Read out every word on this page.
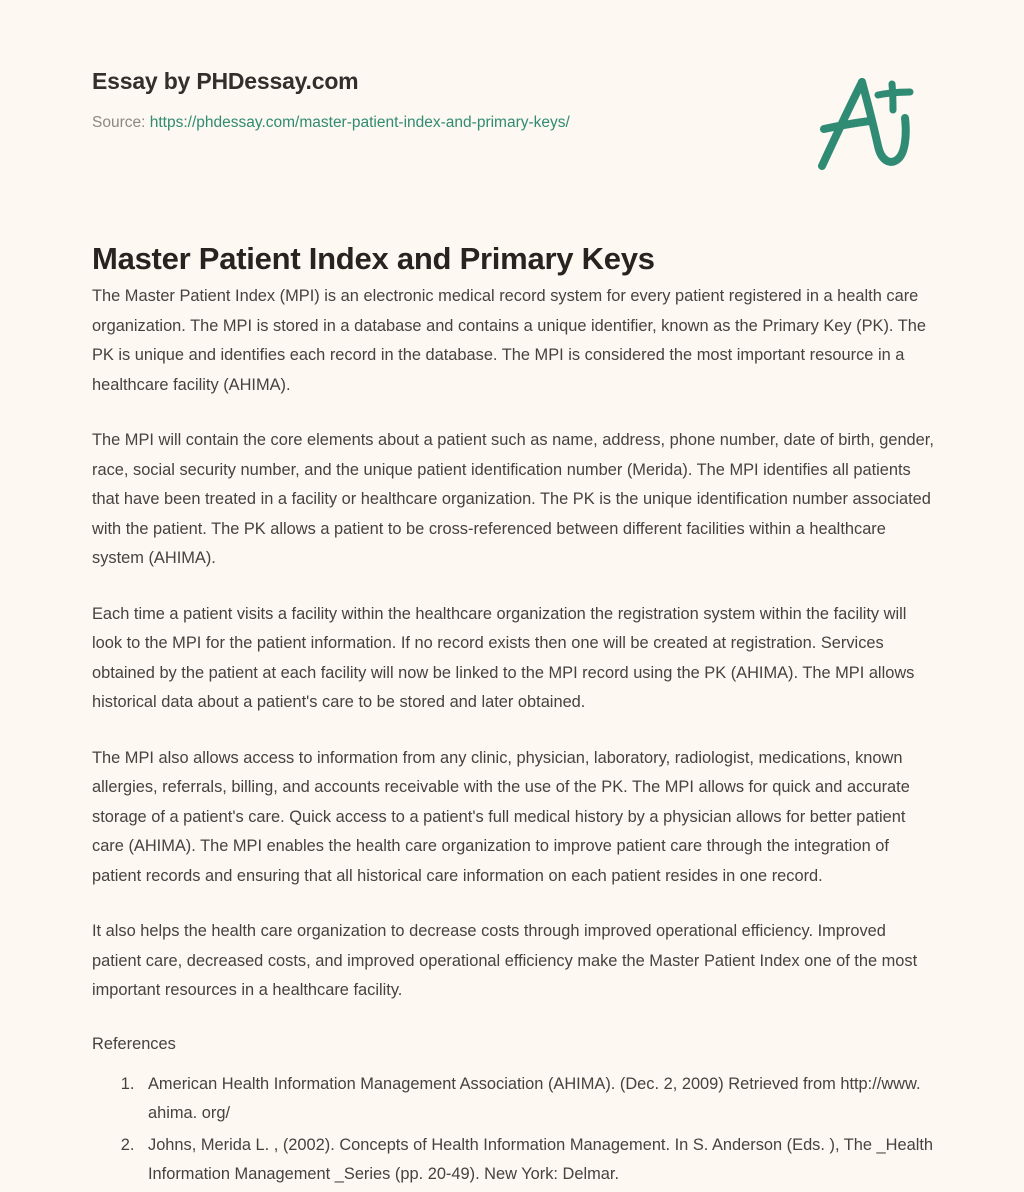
Essay by PHDessay.com
Source: https://phdessay.com/master-patient-index-and-primary-keys/
Master Patient Index and Primary Keys

The Master Patient Index (MPI) is an electronic medical record system for every patient registered in a health care organization. The MPI is stored in a database and contains a unique identifier, known as the Primary Key (PK). The PK is unique and identifies each record in the database. The MPI is considered the most important resource in a healthcare facility (AHIMA).

The MPI will contain the core elements about a patient such as name, address, phone number, date of birth, gender, race, social security number, and the unique patient identification number (Merida). The MPI identifies all patients that have been treated in a facility or healthcare organization. The PK is the unique identification number associated with the patient. The PK allows a patient to be cross-referenced between different facilities within a healthcare system (AHIMA).

Each time a patient visits a facility within the healthcare organization the registration system within the facility will look to the MPI for the patient information. If no record exists then one will be created at registration. Services obtained by the patient at each facility will now be linked to the MPI record using the PK (AHIMA). The MPI allows historical data about a patient's care to be stored and later obtained.

The MPI also allows access to information from any clinic, physician, laboratory, radiologist, medications, known allergies, referrals, billing, and accounts receivable with the use of the PK. The MPI allows for quick and accurate storage of a patient's care. Quick access to a patient's full medical history by a physician allows for better patient care (AHIMA). The MPI enables the health care organization to improve patient care through the integration of patient records and ensuring that all historical care information on each patient resides in one record.

It also helps the health care organization to decrease costs through improved operational efficiency. Improved patient care, decreased costs, and improved operational efficiency make the Master Patient Index one of the most important resources in a healthcare facility.

References
1. American Health Information Management Association (AHIMA). (Dec. 2, 2009) Retrieved from http://www. ahima. org/
2. Johns, Merida L. , (2002). Concepts of Health Information Management. In S. Anderson (Eds. ), The _Health Information Management _Series (pp. 20-49). New York: Delmar.
